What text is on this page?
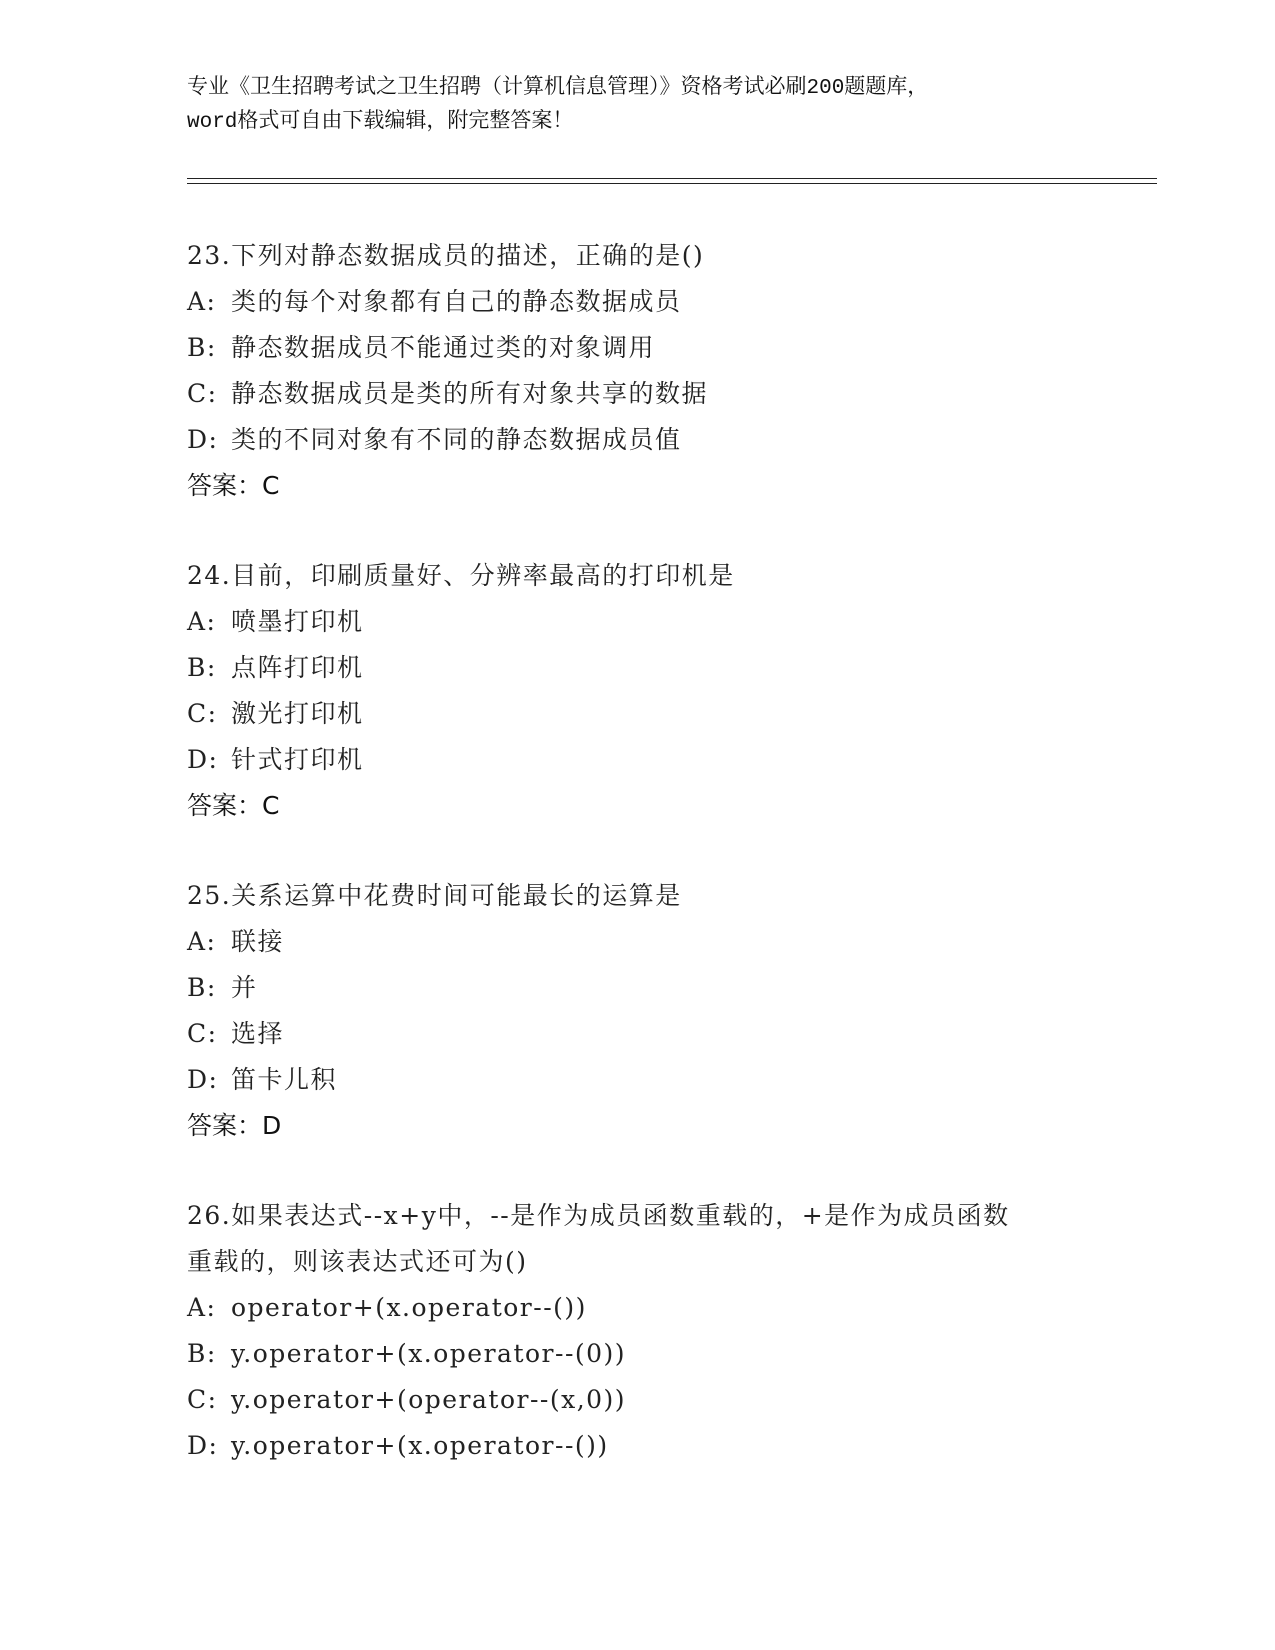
专业《卫生招聘考试之卫生招聘（计算机信息管理）》资格考试必刷200题题库，
word格式可自由下载编辑，附完整答案！
23.下列对静态数据成员的描述，正确的是()
A: 类的每个对象都有自己的静态数据成员
B: 静态数据成员不能通过类的对象调用
C: 静态数据成员是类的所有对象共享的数据
D: 类的不同对象有不同的静态数据成员值
答案：C
24.目前，印刷质量好、分辨率最高的打印机是
A: 喷墨打印机
B: 点阵打印机
C: 激光打印机
D: 针式打印机
答案：C
25.关系运算中花费时间可能最长的运算是
A: 联接
B: 并
C: 选择
D: 笛卡儿积
答案：D
26.如果表达式--x+y中，--是作为成员函数重载的，+是作为成员函数
重载的，则该表达式还可为()
A: operator+(x.operator--())
B: y.operator+(x.operator--(0))
C: y.operator+(operator--(x,0))
D: y.operator+(x.operator--())
